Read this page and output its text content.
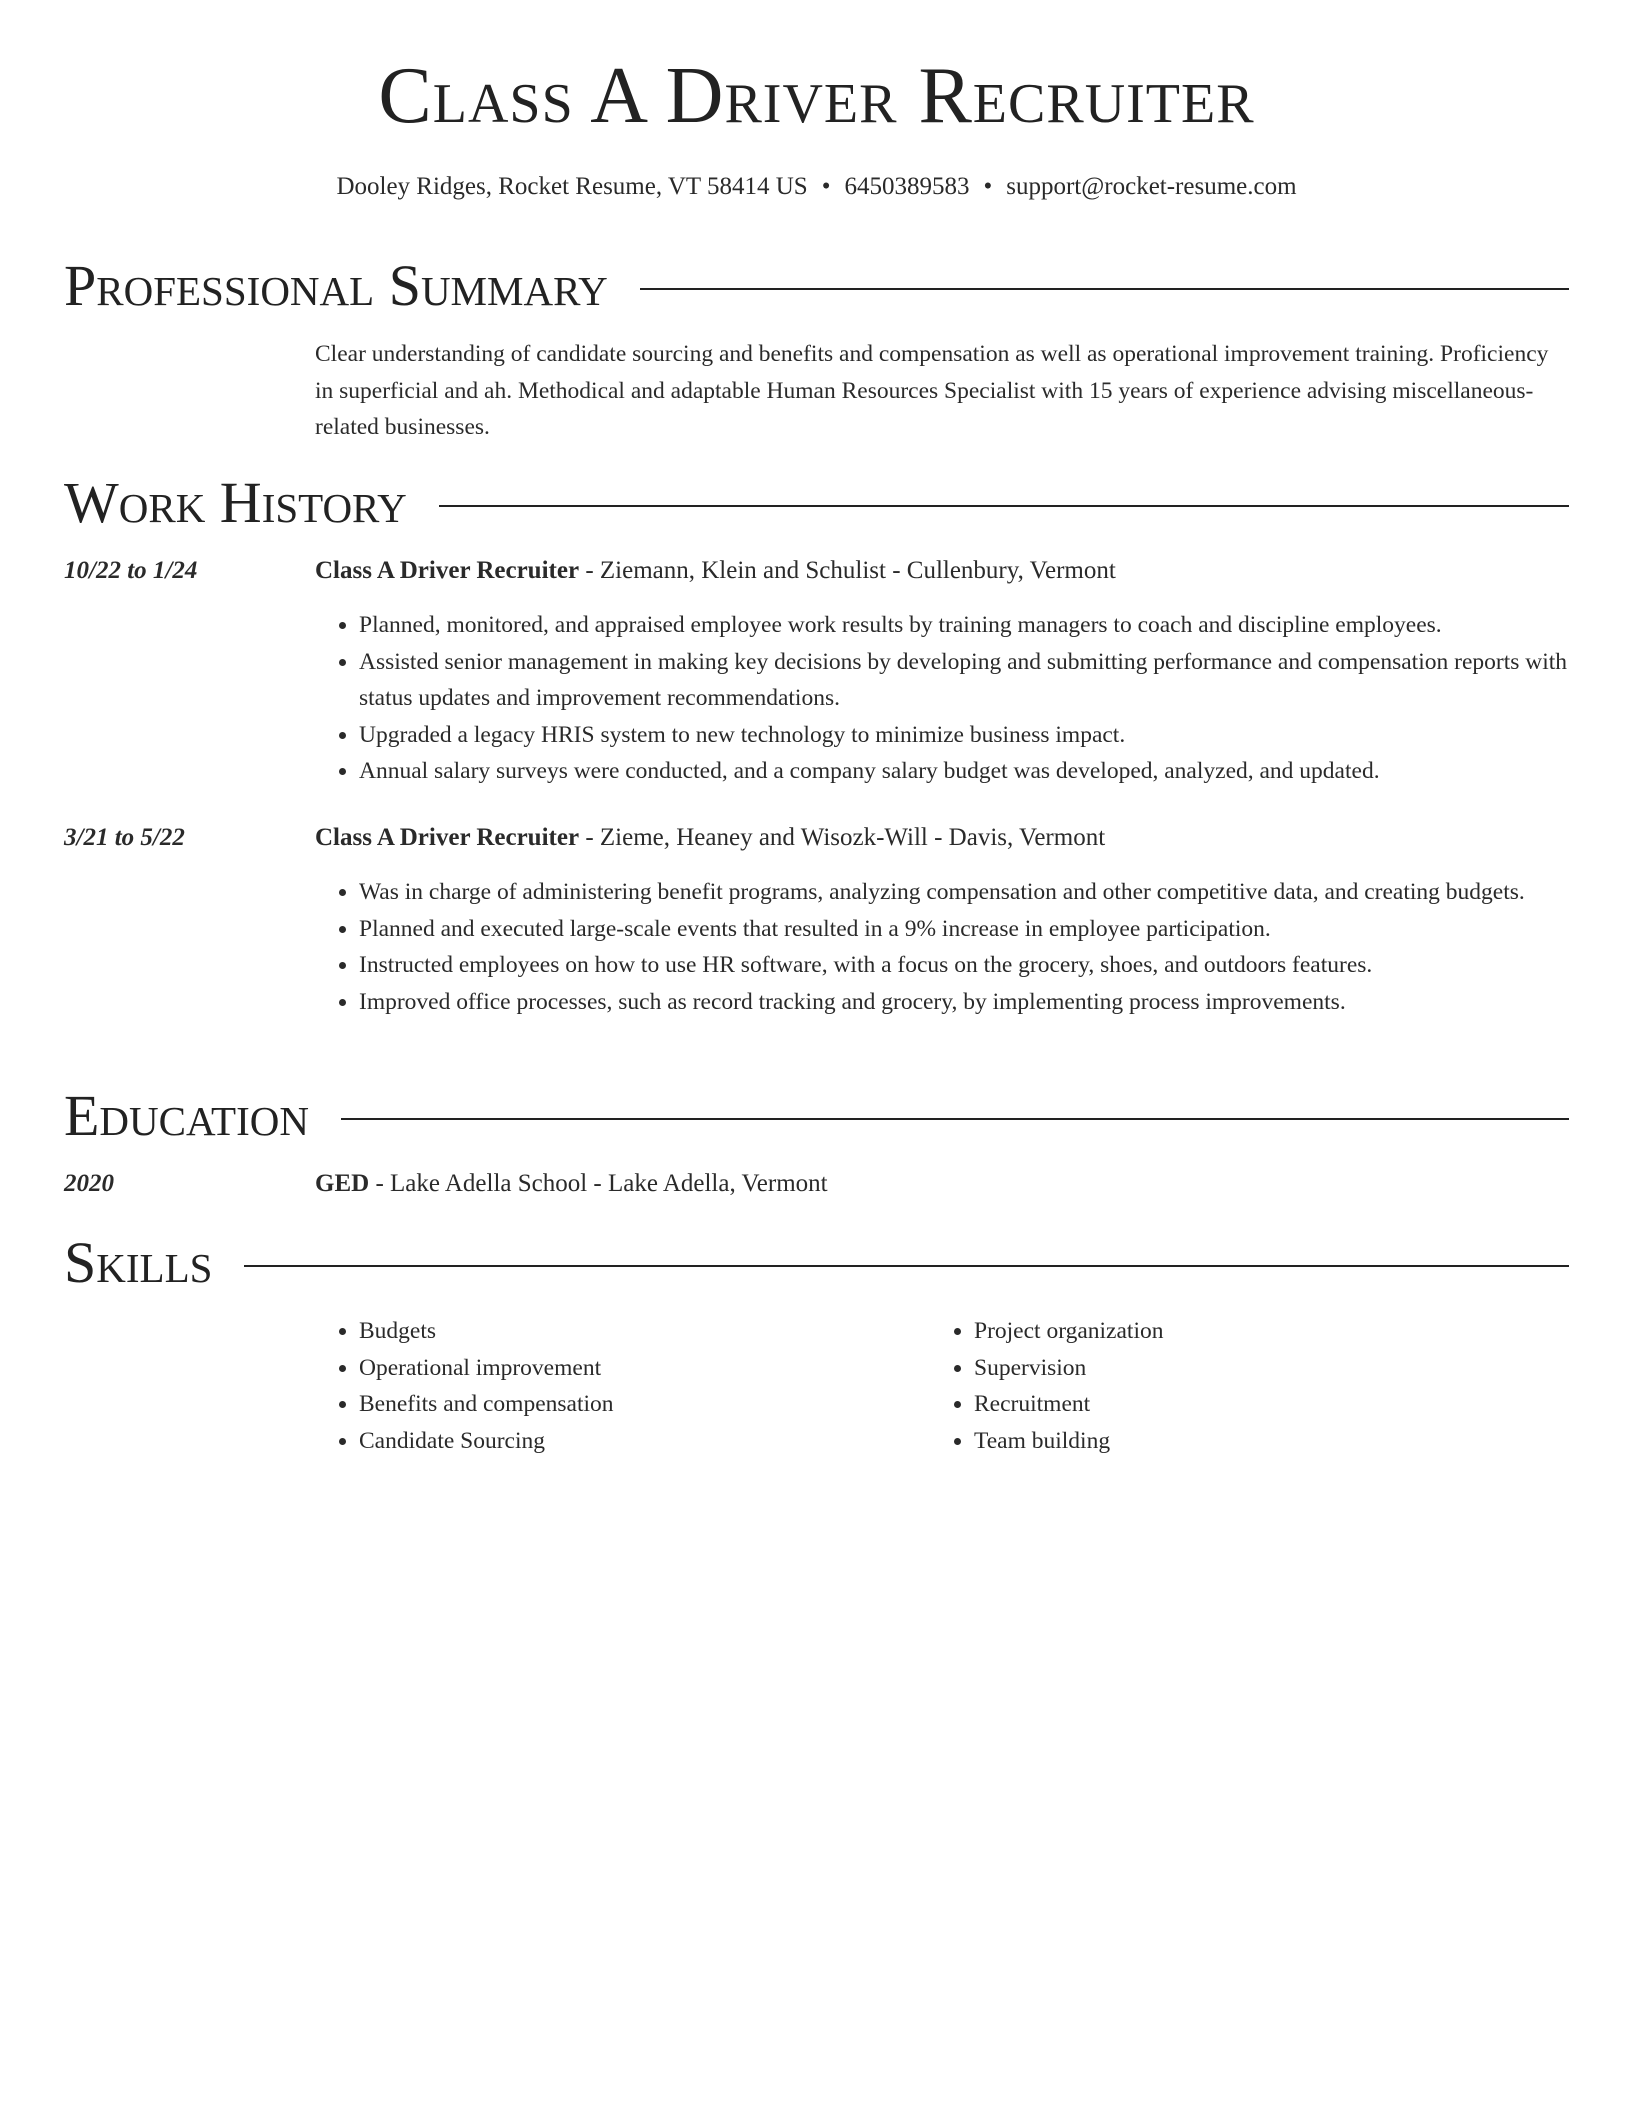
Class A Driver Recruiter
Dooley Ridges, Rocket Resume, VT 58414 US • 6450389583 • support@rocket-resume.com
Professional Summary
Clear understanding of candidate sourcing and benefits and compensation as well as operational improvement training. Proficiency in superficial and ah. Methodical and adaptable Human Resources Specialist with 15 years of experience advising miscellaneous-related businesses.
Work History
10/22 to 1/24	Class A Driver Recruiter - Ziemann, Klein and Schulist - Cullenbury, Vermont
• Planned, monitored, and appraised employee work results by training managers to coach and discipline employees.
• Assisted senior management in making key decisions by developing and submitting performance and compensation reports with status updates and improvement recommendations.
• Upgraded a legacy HRIS system to new technology to minimize business impact.
• Annual salary surveys were conducted, and a company salary budget was developed, analyzed, and updated.
3/21 to 5/22	Class A Driver Recruiter - Zieme, Heaney and Wisozk-Will - Davis, Vermont
• Was in charge of administering benefit programs, analyzing compensation and other competitive data, and creating budgets.
• Planned and executed large-scale events that resulted in a 9% increase in employee participation.
• Instructed employees on how to use HR software, with a focus on the grocery, shoes, and outdoors features.
• Improved office processes, such as record tracking and grocery, by implementing process improvements.
Education
2020	GED - Lake Adella School - Lake Adella, Vermont
Skills
• Budgets
• Operational improvement
• Benefits and compensation
• Candidate Sourcing
• Project organization
• Supervision
• Recruitment
• Team building
